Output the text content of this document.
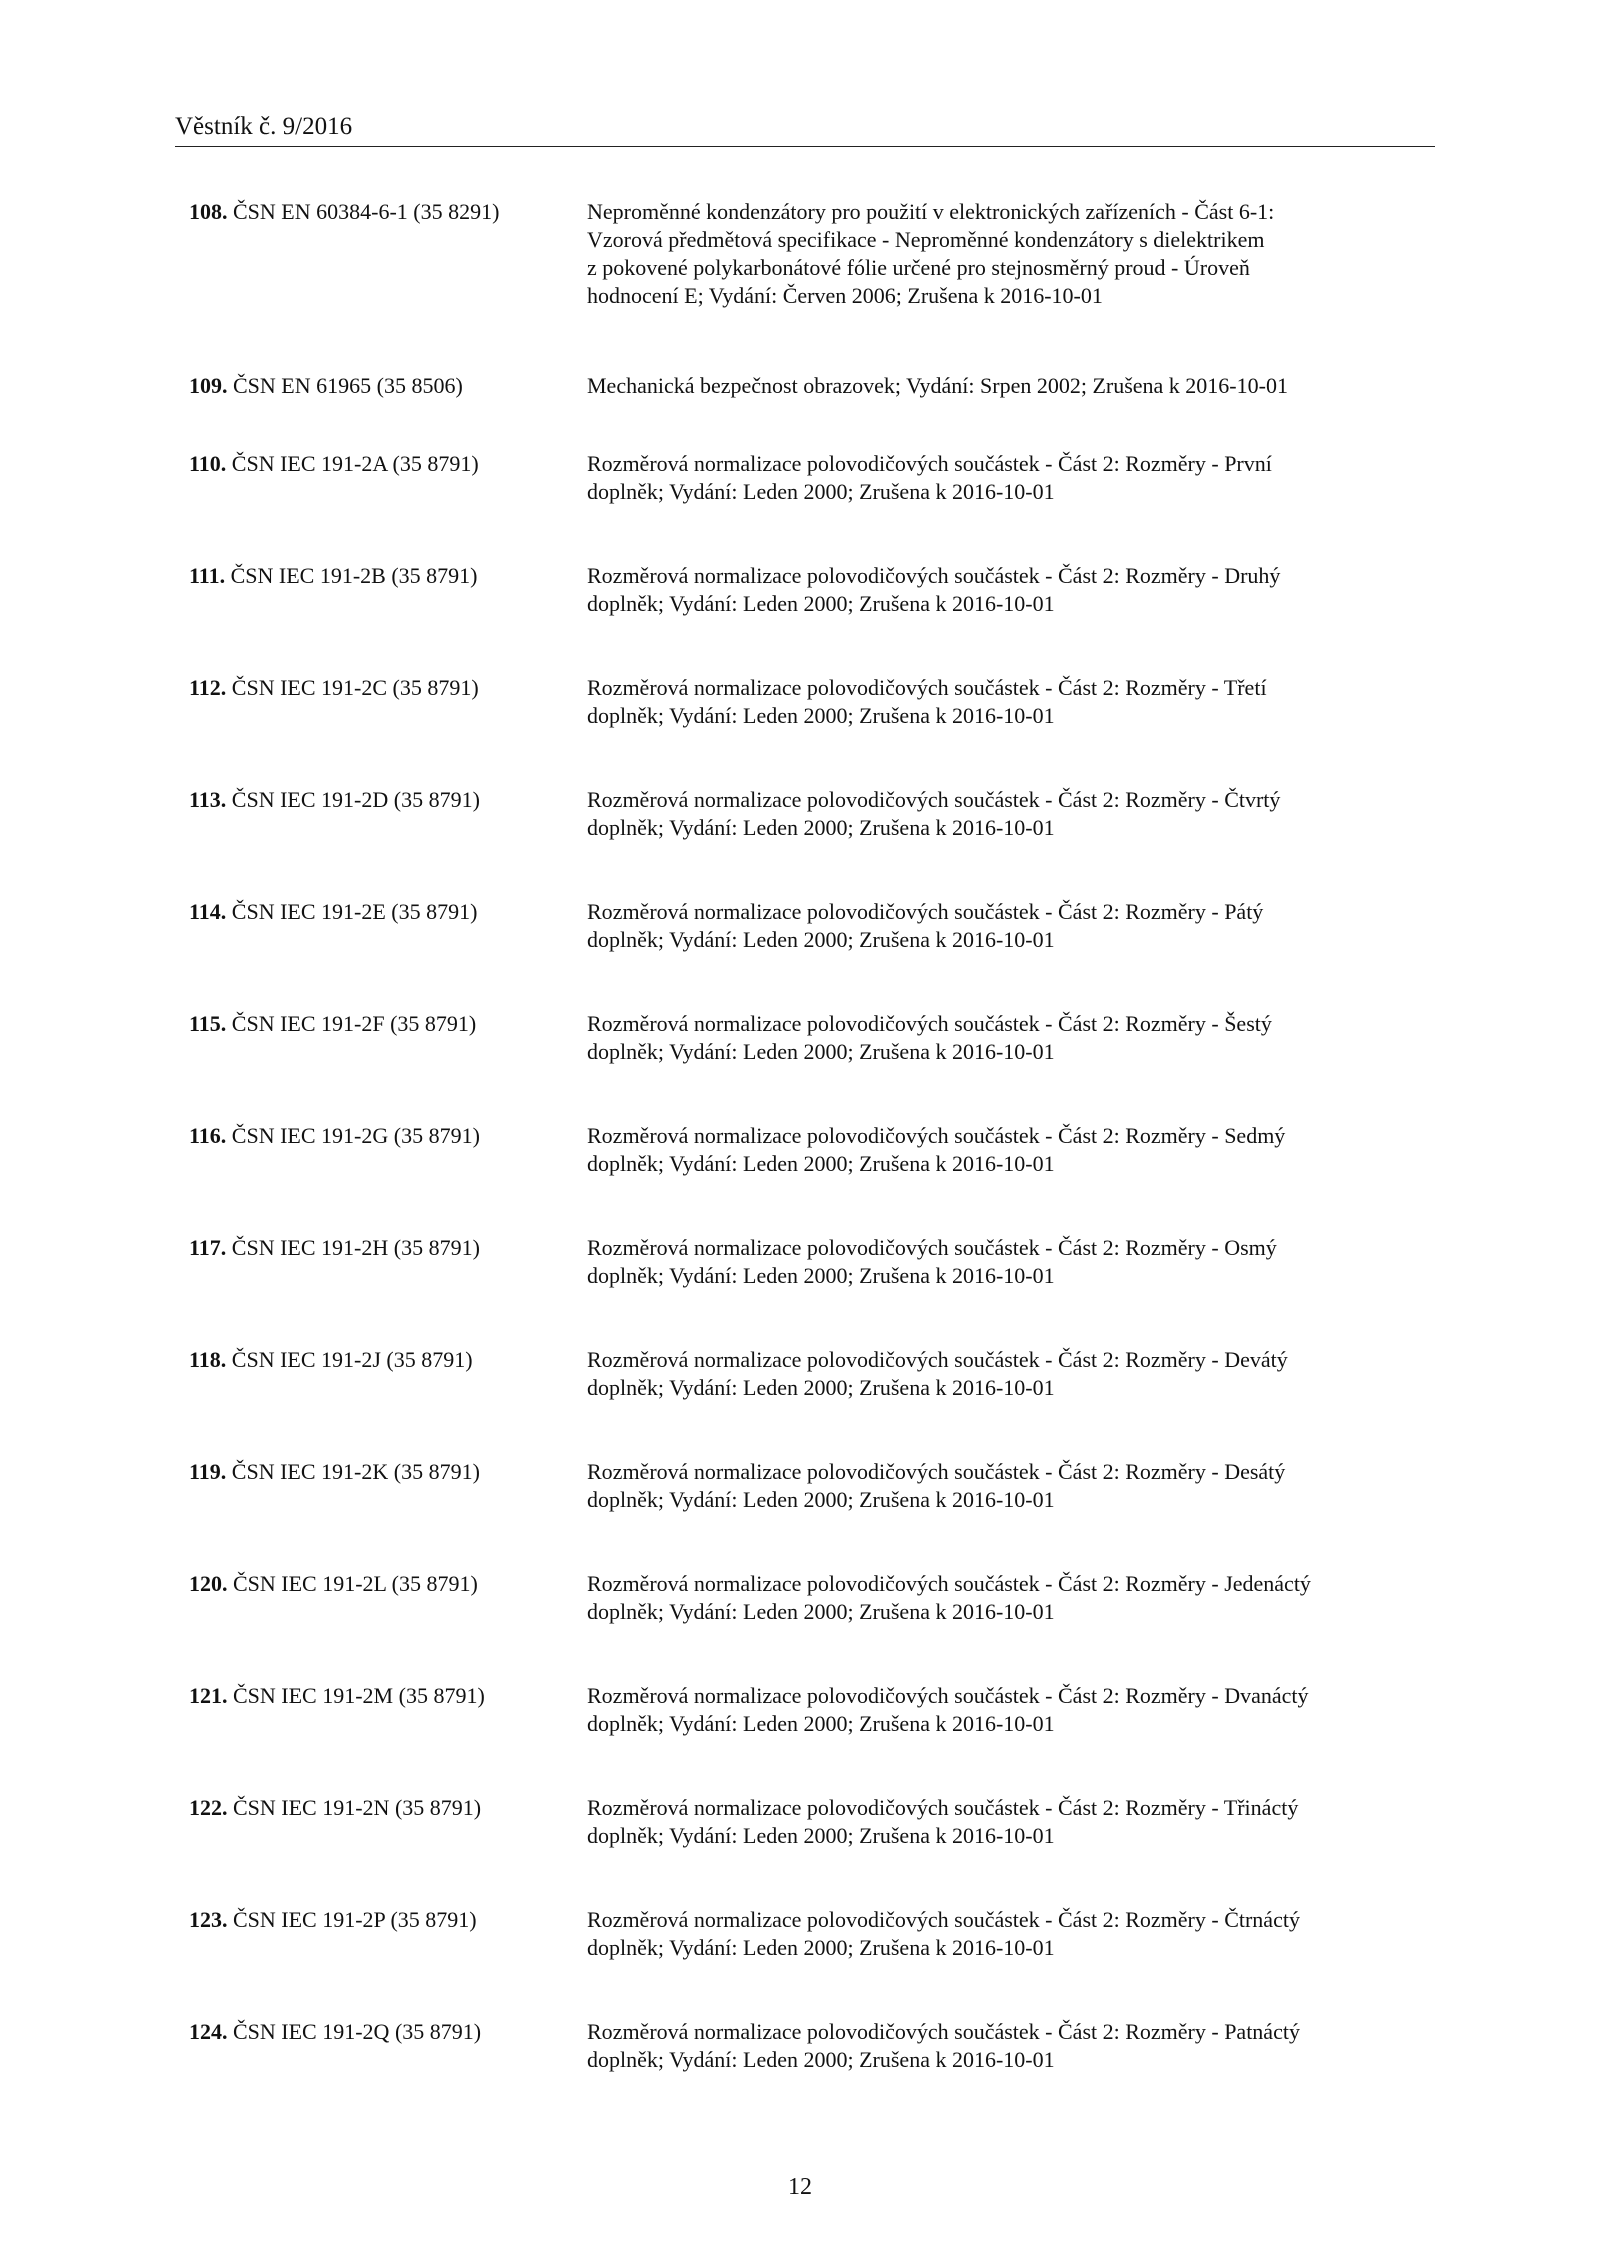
Věstník č. 9/2016
108. ČSN EN 60384-6-1 (35 8291)	Neproměnné kondenzátory pro použití v elektronických zařízeních - Část 6-1:
Vzorová předmětová specifikace - Neproměnné kondenzátory s dielektrikem
z pokovené polykarbonátové fólie určené pro stejnosměrný proud - Úroveň
hodnocení E; Vydání: Červen 2006; Zrušena k 2016-10-01
109. ČSN EN 61965 (35 8506)	Mechanická bezpečnost obrazovek; Vydání: Srpen 2002; Zrušena k 2016-10-01
110. ČSN IEC 191-2A (35 8791)	Rozměrová normalizace polovodičových součástek - Část 2: Rozměry - První
doplněk; Vydání: Leden 2000; Zrušena k 2016-10-01
111. ČSN IEC 191-2B (35 8791)	Rozměrová normalizace polovodičových součástek - Část 2: Rozměry - Druhý
doplněk; Vydání: Leden 2000; Zrušena k 2016-10-01
112. ČSN IEC 191-2C (35 8791)	Rozměrová normalizace polovodičových součástek - Část 2: Rozměry - Třetí
doplněk; Vydání: Leden 2000; Zrušena k 2016-10-01
113. ČSN IEC 191-2D (35 8791)	Rozměrová normalizace polovodičových součástek - Část 2: Rozměry - Čtvrtý
doplněk; Vydání: Leden 2000; Zrušena k 2016-10-01
114. ČSN IEC 191-2E (35 8791)	Rozměrová normalizace polovodičových součástek - Část 2: Rozměry - Pátý
doplněk; Vydání: Leden 2000; Zrušena k 2016-10-01
115. ČSN IEC 191-2F (35 8791)	Rozměrová normalizace polovodičových součástek - Část 2: Rozměry - Šestý
doplněk; Vydání: Leden 2000; Zrušena k 2016-10-01
116. ČSN IEC 191-2G (35 8791)	Rozměrová normalizace polovodičových součástek - Část 2: Rozměry - Sedmý
doplněk; Vydání: Leden 2000; Zrušena k 2016-10-01
117. ČSN IEC 191-2H (35 8791)	Rozměrová normalizace polovodičových součástek - Část 2: Rozměry - Osmý
doplněk; Vydání: Leden 2000; Zrušena k 2016-10-01
118. ČSN IEC 191-2J (35 8791)	Rozměrová normalizace polovodičových součástek - Část 2: Rozměry - Devátý
doplněk; Vydání: Leden 2000; Zrušena k 2016-10-01
119. ČSN IEC 191-2K (35 8791)	Rozměrová normalizace polovodičových součástek - Část 2: Rozměry - Desátý
doplněk; Vydání: Leden 2000; Zrušena k 2016-10-01
120. ČSN IEC 191-2L (35 8791)	Rozměrová normalizace polovodičových součástek - Část 2: Rozměry - Jedenáctý
doplněk; Vydání: Leden 2000; Zrušena k 2016-10-01
121. ČSN IEC 191-2M (35 8791)	Rozměrová normalizace polovodičových součástek - Část 2: Rozměry - Dvanáctý
doplněk; Vydání: Leden 2000; Zrušena k 2016-10-01
122. ČSN IEC 191-2N (35 8791)	Rozměrová normalizace polovodičových součástek - Část 2: Rozměry - Třináctý
doplněk; Vydání: Leden 2000; Zrušena k 2016-10-01
123. ČSN IEC 191-2P (35 8791)	Rozměrová normalizace polovodičových součástek - Část 2: Rozměry - Čtrnáctý
doplněk; Vydání: Leden 2000; Zrušena k 2016-10-01
124. ČSN IEC 191-2Q (35 8791)	Rozměrová normalizace polovodičových součástek - Část 2: Rozměry - Patnáctý
doplněk; Vydání: Leden 2000; Zrušena k 2016-10-01
12
